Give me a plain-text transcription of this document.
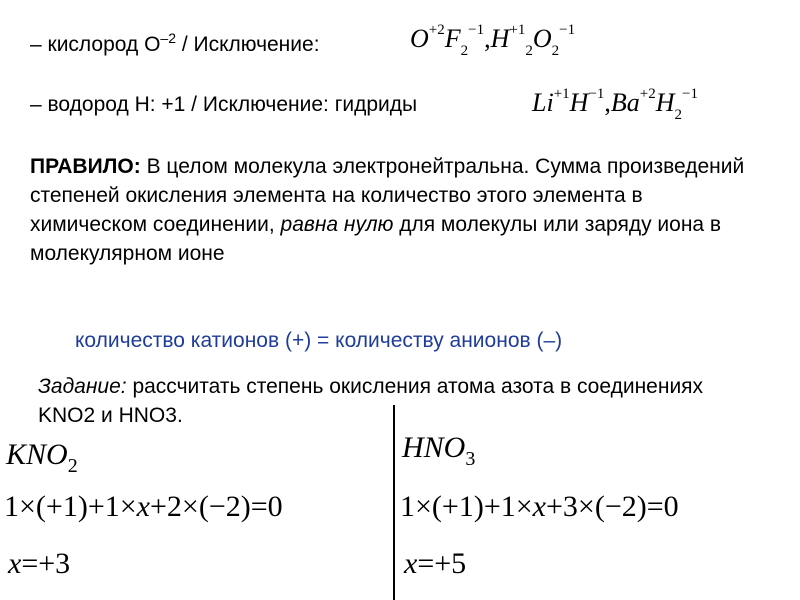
– кислород $О^{-2}$ / Исключение:	$O^{+2}F_2^{-1},H^{+1}_2O_2^{-1}$
– водород Н: +1 / Исключение: гидриды	$Li^{+1}H^{-1},Ba^{+2}H_2^{-1}$
ПРАВИЛО: В целом молекула электронейтральна. Сумма произведений степеней окисления элемента на количество этого элемента в химическом соединении, равна нулю для молекулы или заряду иона в молекулярном ионе
количество катионов (+) = количеству анионов (–)
Задание: рассчитать степень окисления атома азота в соединениях KNO2 и HNO3.
$KNO_2$
1×(+1)+1×x+2×(−2)=0
x=+3
$HNO_3$
1×(+1)+1×x+3×(−2)=0
x=+5
